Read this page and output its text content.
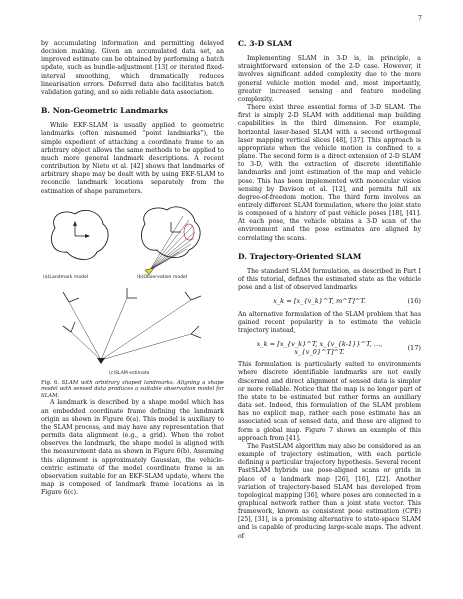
7

by accumulating information and permitting delayed decision making. Given an accumulated data set, an improved estimate can be obtained by performing a batch update, such as bundle-adjustment [13] or iterated fixed-interval smoothing, which dramatically reduces linearisation errors. Deferred data also facilitates batch validation gating, and so aids reliable data association.

B. Non-Geometric Landmarks

While EKF-SLAM is usually applied to geometric landmarks (often misnamed “point landmarks”), the simple expedient of attaching a coordinate frame to an arbitrary object allows the same methods to be applied to much more general landmark descriptions. A recent contribution by Nieto et al. [42] shows that landmarks of arbitrary shape may be dealt with by using EKF-SLAM to reconcile landmark locations separately from the estimation of shape parameters.

(a)Landmark model	(b)Observation model
(c)SLAM estimate

Fig. 6. SLAM with arbitrary shaped landmarks. Aligning a shape model with sensed data produces a suitable observation model for SLAM.

A landmark is described by a shape model which has an embedded coordinate frame defining the landmark origin as shown in Figure 6(a). This model is auxiliary to the SLAM process, and may have any representation that permits data alignment (e.g., a grid). When the robot observes the landmark, the shape model is aligned with the measurement data as shown in Figure 6(b). Assuming this alignment is approximately Gaussian, the vehicle-centric estimate of the model coordinate frame is an observation suitable for an EKF-SLAM update, where the map is composed of landmark frame locations as in Figure 6(c).

C. 3-D SLAM

Implementing SLAM in 3-D is, in principle, a straightforward extension of the 2-D case. However, it involves significant added complexity due to the more general vehicle motion model and, most importantly, greater increased sensing and feature modeling complexity.

There exist three essential forms of 3-D SLAM. The first is simply 2-D SLAM with additional map building capabilities in the third dimension. For example, horizontal laser-based SLAM with a second orthogonal laser mapping vertical slices [48], [37]. This approach is appropriate when the vehicle motion is confined to a plane. The second form is a direct extension of 2-D SLAM to 3-D, with the extraction of discrete identifiable landmarks and joint estimation of the map and vehicle pose. This has been implemented with monocular vision sensing by Davison et al. [12], and permits full six degree-of-freedom motion. The third form involves an entirely different SLAM formulation, where the joint state is composed of a history of past vehicle poses [18], [41]. At each pose, the vehicle obtains a 3-D scan of the environment and the pose estimates are aligned by correlating the scans.

D. Trajectory-Oriented SLAM

The standard SLAM formulation, as described in Part I of this tutorial, defines the estimated state as the vehicle pose and a list of observed landmarks

x_k = [x_{v_k}^T, m^T]^T.	(16)

An alternative formulation of the SLAM problem that has gained recent popularity is to estimate the vehicle trajectory instead,

x_k = [x_{v_k}^T, x_{v_{k-1}}^T, …, x_{v_0}^T]^T.
(17)

This formulation is particularly suited to environments where discrete identifiable landmarks are not easily discerned and direct alignment of sensed data is simpler or more reliable. Notice that the map is no longer part of the state to be estimated but rather forms an auxiliary data set. Indeed, this formulation of the SLAM problem has no explicit map, rather each pose estimate has an associated scan of sensed data, and these are aligned to form a global map. Figure 7 shows an example of this approach from [41].

The FastSLAM algorithm may also be considered as an example of trajectory estimation, with each particle defining a particular trajectory hypothesis. Several recent FastSLAM hybrids use pose-aligned scans or grids in place of a landmark map [26], [16], [22]. Another variation of trajectory-based SLAM has developed from topological mapping [36], where poses are connected in a graphical network rather than a joint state vector. This framework, known as consistent pose estimation (CPE) [25], [31], is a promising alternative to state-space SLAM and is capable of producing large-scale maps. The advent of
